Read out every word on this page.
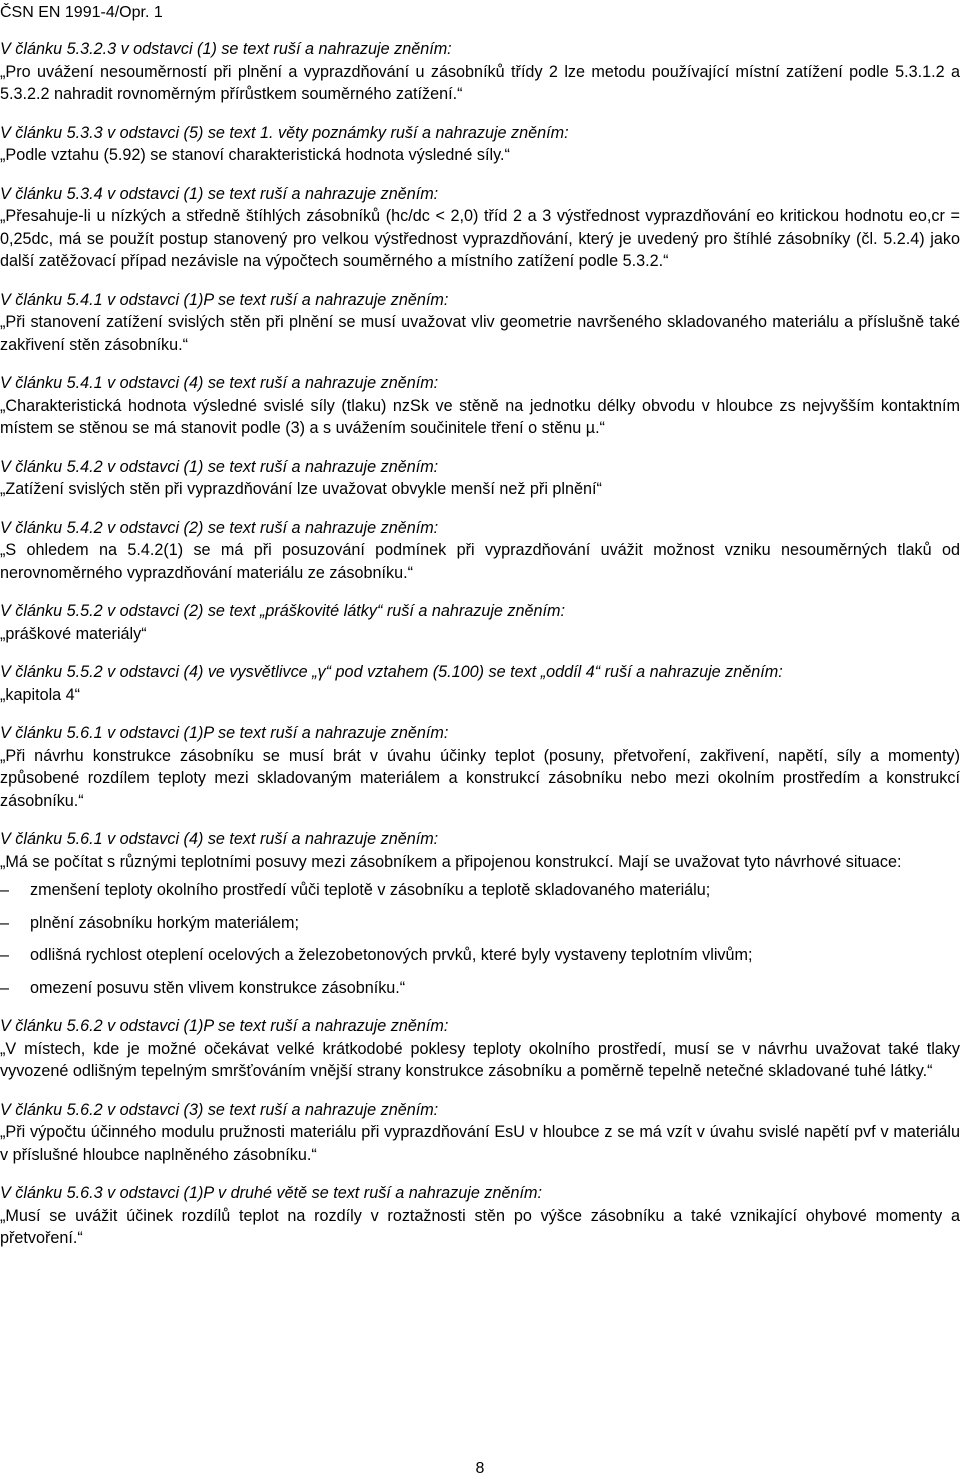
ČSN EN 1991-4/Opr. 1

V článku 5.3.2.3 v odstavci (1) se text ruší a nahrazuje zněním:

„Pro uvážení nesouměrností při plnění a vyprazdňování u zásobníků třídy 2 lze metodu používající místní zatížení podle 5.3.1.2 a 5.3.2.2 nahradit rovnoměrným přírůstkem souměrného zatížení.“

V článku 5.3.3 v odstavci (5) se text 1. věty poznámky ruší a nahrazuje zněním:

„Podle vztahu (5.92) se stanoví charakteristická hodnota výsledné síly.“

V článku 5.3.4 v odstavci (1) se text ruší a nahrazuje zněním:

„Přesahuje-li u nízkých a středně štíhlých zásobníků (hc/dc < 2,0) tříd 2 a 3 výstřednost vyprazdňování eo kritickou hodnotu eo,cr = 0,25dc, má se použít postup stanovený pro velkou výstřednost vyprazdňování, který je uvedený pro štíhlé zásobníky (čl. 5.2.4) jako další zatěžovací případ nezávisle na výpočtech souměrného a místního zatížení podle 5.3.2.“

V článku 5.4.1 v odstavci (1)P se text ruší a nahrazuje zněním:

„Při stanovení zatížení svislých stěn při plnění se musí uvažovat vliv geometrie navršeného skladovaného materiálu a příslušně také zakřivení stěn zásobníku.“

V článku 5.4.1 v odstavci (4) se text ruší a nahrazuje zněním:

„Charakteristická hodnota výsledné svislé síly (tlaku) nzSk ve stěně na jednotku délky obvodu v hloubce zs nejvyšším kontaktním místem se stěnou se má stanovit podle (3) a s uvážením součinitele tření o stěnu µ.“

V článku 5.4.2 v odstavci (1) se text ruší a nahrazuje zněním:

„Zatížení svislých stěn při vyprazdňování lze uvažovat obvykle menší než při plnění“

V článku 5.4.2 v odstavci (2) se text ruší a nahrazuje zněním:

„S ohledem na 5.4.2(1) se má při posuzování podmínek při vyprazdňování uvážit možnost vzniku nesouměrných tlaků od nerovnoměrného vyprazdňování materiálu ze zásobníku.“

V článku 5.5.2 v odstavci (2) se text „práškovité látky“ ruší a nahrazuje zněním:

„práškové materiály“

V článku 5.5.2 v odstavci (4) ve vysvětlivce „γ“ pod vztahem (5.100) se text „oddíl 4“ ruší a nahrazuje zněním:

„kapitola 4“

V článku 5.6.1 v odstavci (1)P se text ruší a nahrazuje zněním:

„Při návrhu konstrukce zásobníku se musí brát v úvahu účinky teplot (posuny, přetvoření, zakřivení, napětí, síly a momenty) způsobené rozdílem teploty mezi skladovaným materiálem a konstrukcí zásobníku nebo mezi okolním prostředím a konstrukcí zásobníku.“

V článku 5.6.1 v odstavci (4) se text ruší a nahrazuje zněním:

„Má se počítat s různými teplotními posuvy mezi zásobníkem a připojenou konstrukcí. Mají se uvažovat tyto návrhové situace:

– zmenšení teploty okolního prostředí vůči teplotě v zásobníku a teplotě skladovaného materiálu;
– plnění zásobníku horkým materiálem;
– odlišná rychlost oteplení ocelových a železobetonových prvků, které byly vystaveny teplotním vlivům;
– omezení posuvu stěn vlivem konstrukce zásobníku.“

V článku 5.6.2 v odstavci (1)P se text ruší a nahrazuje zněním:

„V místech, kde je možné očekávat velké krátkodobé poklesy teploty okolního prostředí, musí se v návrhu uvažovat také tlaky vyvozené odlišným tepelným smršťováním vnější strany konstrukce zásobníku a poměrně tepelně netečné skladované tuhé látky.“

V článku 5.6.2 v odstavci (3) se text ruší a nahrazuje zněním:

„Při výpočtu účinného modulu pružnosti materiálu při vyprazdňování EsU v hloubce z se má vzít v úvahu svislé napětí pvf v materiálu v příslušné hloubce naplněného zásobníku.“

V článku 5.6.3 v odstavci (1)P v druhé větě se text ruší a nahrazuje zněním:

„Musí se uvážit účinek rozdílů teplot na rozdíly v roztažnosti stěn po výšce zásobníku a také vznikající ohybové momenty a přetvoření.“

8
